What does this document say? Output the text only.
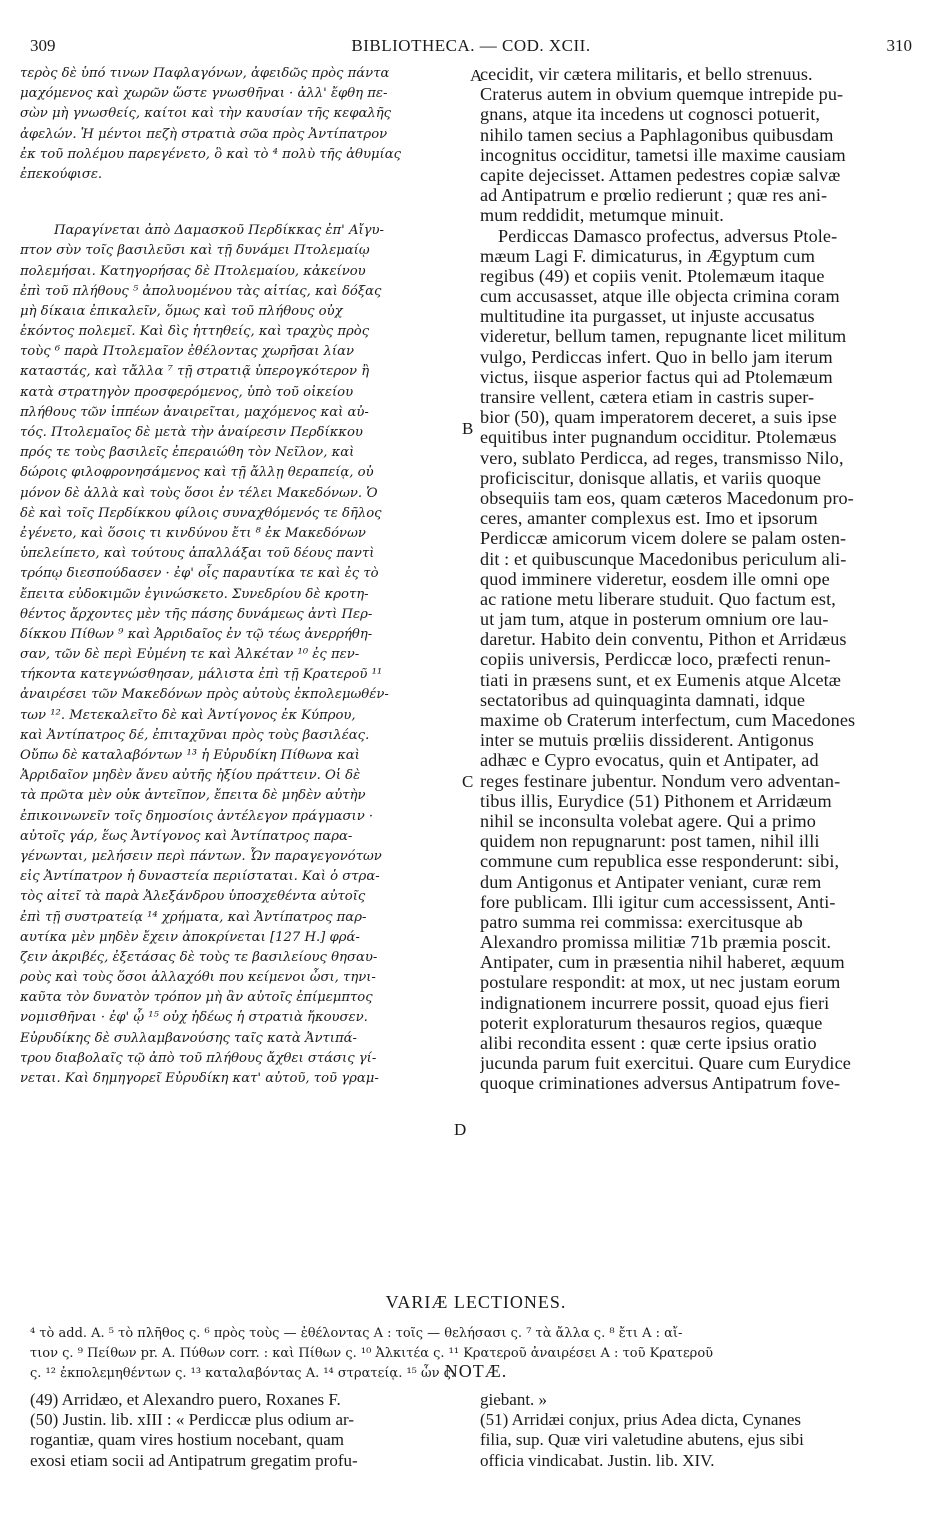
309	BIBLIOTHECA. — COD. XCII.	310
τερὸς δὲ ὑπό τινων Παφλαγόνων, ἀφειδῶς πρὸς πάντα
μαχόμενος καὶ χωρῶν ὥστε γνωσθῆναι · ἀλλ' ἔφθη πε-
σὼν μὴ γνωσθείς, καίτοι καὶ τὴν καυσίαν τῆς κεφαλῆς
ἀφελών. Ἡ μέντοι πεζὴ στρατιὰ σῶα πρὸς Ἀντίπατρον
ἐκ τοῦ πολέμου παρεγένετο, ὃ καὶ τὸ ⁴ πολὺ τῆς ἀθυμίας
ἐπεκούφισε.
Παραγίνεται ἀπὸ Δαμασκοῦ Περδίκκας ἐπ' Αἴγυ-
πτον σὺν τοῖς βασιλεῦσι καὶ τῇ δυνάμει Πτολεμαίῳ
πολεμήσαι. Κατηγορήσας δὲ Πτολεμαίου, κἀκείνου
ἐπὶ τοῦ πλήθους ⁵ ἀπολυομένου τὰς αἰτίας, καὶ δόξας
μὴ δίκαια ἐπικαλεῖν, ὅμως καὶ τοῦ πλήθους οὐχ
ἑκόντος πολεμεῖ. Καὶ δὶς ἡττηθείς, καὶ τραχὺς πρὸς
τοὺς ⁶ παρὰ Πτολεμαῖον ἐθέλοντας χωρῆσαι λίαν
καταστάς, καὶ τἄλλα ⁷ τῇ στρατιᾷ ὑπερογκότερον ἢ
κατὰ στρατηγὸν προσφερόμενος, ὑπὸ τοῦ οἰκείου
πλήθους τῶν ἱππέων ἀναιρεῖται, μαχόμενος καὶ αὐ-
τός. Πτολεμαῖος δὲ μετὰ τὴν ἀναίρεσιν Περδίκκου
πρός τε τοὺς βασιλεῖς ἐπεραιώθη τὸν Νεῖλον, καὶ
δώροις φιλοφρονησάμενος καὶ τῇ ἄλλῃ θεραπείᾳ, οὐ
μόνον δὲ ἀλλὰ καὶ τοὺς ὅσοι ἐν τέλει Μακεδόνων. Ὁ
δὲ καὶ τοῖς Περδίκκου φίλοις συναχθόμενός τε δῆλος
ἐγένετο, καὶ ὅσοις τι κινδύνου ἔτι ⁸ ἐκ Μακεδόνων
ὑπελείπετο, καὶ τούτους ἀπαλλάξαι τοῦ δέους παντὶ
τρόπῳ διεσπούδασεν · ἐφ' οἷς παραυτίκα τε καὶ ἐς τὸ
ἔπειτα εὐδοκιμῶν ἐγινώσκετο. Συνεδρίου δὲ κροτη-
θέντος ἄρχοντες μὲν τῆς πάσης δυνάμεως ἀντὶ Περ-
δίκκου Πίθων ⁹ καὶ Ἀρριδαῖος ἐν τῷ τέως ἀνερρήθη-
σαν, τῶν δὲ περὶ Εὐμένη τε καὶ Ἀλκέταν ¹⁰ ἐς πεν-
τήκοντα κατεγνώσθησαν, μάλιστα ἐπὶ τῇ Κρατεροῦ ¹¹
ἀναιρέσει τῶν Μακεδόνων πρὸς αὐτοὺς ἐκπολεμωθέν-
των ¹². Μετεκαλεῖτο δὲ καὶ Ἀντίγονος ἐκ Κύπρου,
καὶ Ἀντίπατρος δέ, ἐπιταχῦναι πρὸς τοὺς βασιλέας.
Οὔπω δὲ καταλαβόντων ¹³ ἡ Εὐρυδίκη Πίθωνα καὶ
Ἀρριδαῖον μηδὲν ἄνευ αὐτῆς ἠξίου πράττειν. Οἱ δὲ
τὰ πρῶτα μὲν οὐκ ἀντεῖπον, ἔπειτα δὲ μηδὲν αὐτὴν
ἐπικοινωνεῖν τοῖς δημοσίοις ἀντέλεγον πράγμασιν ·
αὐτοῖς γάρ, ἕως Ἀντίγονος καὶ Ἀντίπατρος παρα-
γένωνται, μελήσειν περὶ πάντων. Ὧν παραγεγονότων
εἰς Ἀντίπατρον ἡ δυναστεία περιίσταται. Καὶ ὁ στρα-
τὸς αἰτεῖ τὰ παρὰ Ἀλεξάνδρου ὑποσχεθέντα αὐτοῖς
ἐπὶ τῇ συστρατείᾳ ¹⁴ χρήματα, καὶ Ἀντίπατρος παρ-
αυτίκα μὲν μηδὲν ἔχειν ἀποκρίνεται [127 H.] φρά-
ζειν ἀκριβές, ἐξετάσας δὲ τοὺς τε βασιλείους θησαυ-
ροὺς καὶ τοὺς ὅσοι ἀλλαχόθι που κείμενοι ὦσι, τηνι-
καῦτα τὸν δυνατὸν τρόπον μὴ ἂν αὐτοῖς ἐπίμεμπτος
νομισθῆναι · ἐφ' ᾧ ¹⁵ οὐχ ἡδέως ἡ στρατιὰ ἤκουσεν.
Εὐρυδίκης δὲ συλλαμβανούσης ταῖς κατὰ Ἀντιπά-
τρου διαβολαῖς τῷ ἀπὸ τοῦ πλήθους ἄχθει στάσις γί-
νεται. Καὶ δημηγορεῖ Εὐρυδίκη κατ' αὐτοῦ, τοῦ γραμ-
cecidit, vir cætera militaris, et bello strenuus.
Craterus autem in obvium quemque intrepide pu-
gnans, atque ita incedens ut cognosci potuerit,
nihilo tamen secius a Paphlagonibus quibusdam
incognitus occiditur, tametsi ille maxime causiam
capite dejecisset. Attamen pedestres copiæ salvæ
ad Antipatrum e prœlio redierunt ; quæ res ani-
mum reddidit, metumque minuit.
Perdiccas Damasco profectus, adversus Ptole-
mæum Lagi F. dimicaturus, in Ægyptum cum
regibus (49) et copiis venit. Ptolemæum itaque
cum accusasset, atque ille objecta crimina coram
multitudine ita purgasset, ut injuste accusatus
videretur, bellum tamen, repugnante licet militum
vulgo, Perdiccas infert. Quo in bello jam iterum
victus, iisque asperior factus qui ad Ptolemæum
transire vellent, cætera etiam in castris super-
bior (50), quam imperatorem deceret, a suis ipse
equitibus inter pugnandum occiditur. Ptolemæus
vero, sublato Perdicca, ad reges, transmisso Nilo,
proficiscitur, donisque allatis, et variis quoque
obsequiis tam eos, quam cæteros Macedonum pro-
ceres, amanter complexus est. Imo et ipsorum
Perdiccæ amicorum vicem dolere se palam osten-
dit : et quibuscunque Macedonibus periculum ali-
quod imminere videretur, eosdem ille omni ope
ac ratione metu liberare studuit. Quo factum est,
ut jam tum, atque in posterum omnium ore lau-
daretur. Habito dein conventu, Pithon et Arridæus
copiis universis, Perdiccæ loco, præfecti renun-
tiati in præsens sunt, et ex Eumenis atque Alcetæ
sectatoribus ad quinquaginta damnati, idque
maxime ob Craterum interfectum, cum Macedones
inter se mutuis prœliis dissiderent. Antigonus
adhæc e Cypro evocatus, quin et Antipater, ad
reges festinare jubentur. Nondum vero adventan-
tibus illis, Eurydice (51) Pithonem et Arridæum
nihil se inconsulta volebat agere. Qui a primo
quidem non repugnarunt: post tamen, nihil illi
commune cum republica esse responderunt: sibi,
dum Antigonus et Antipater veniant, curæ rem
fore publicam. Illi igitur cum accessissent, Anti-
patro summa rei commissa: exercitusque ab
Alexandro promissa militiæ 71b præmia poscit.
Antipater, cum in præsentia nihil haberet, æquum
postulare respondit: at mox, ut nec justam eorum
indignationem incurrere possit, quoad ejus fieri
poterit exploraturum thesauros regios, quæque
alibi recondita essent : quæ certe ipsius oratio
jucunda parum fuit exercitui. Quare cum Eurydice
quoque criminationes adversus Antipatrum fove-
A
B
C
D
VARIÆ LECTIONES.
⁴ τὸ add. A. ⁵ τὸ πλῆθος ς. ⁶ πρὸς τοὺς — ἐθέλοντας A : τοῖς — θελήσασι ς. ⁷ τὰ ἄλλα ς. ⁸ ἔτι A : αἴ-
τιον ς. ⁹ Πείθων pr. A. Πύθων corr. : καὶ Πίθων ς. ¹⁰ Ἀλκιτέα ς. ¹¹ Κρατεροῦ ἀναιρέσει A : τοῦ Κρατεροῦ
ς. ¹² ἐκπολεμηθέντων ς. ¹³ καταλαβόντας A. ¹⁴ στρατείᾳ. ¹⁵ ὧν ς.
NOTÆ.
(49) Arridæo, et Alexandro puero, Roxanes F.
(50) Justin. lib. xIII : « Perdiccæ plus odium ar-
rogantiæ, quam vires hostium nocebant, quam
exosi etiam socii ad Antipatrum gregatim profu-
giebant. »
(51) Arridæi conjux, prius Adea dicta, Cynanes
filia, sup. Quæ viri valetudine abutens, ejus sibi
officia vindicabat. Justin. lib. XIV.
